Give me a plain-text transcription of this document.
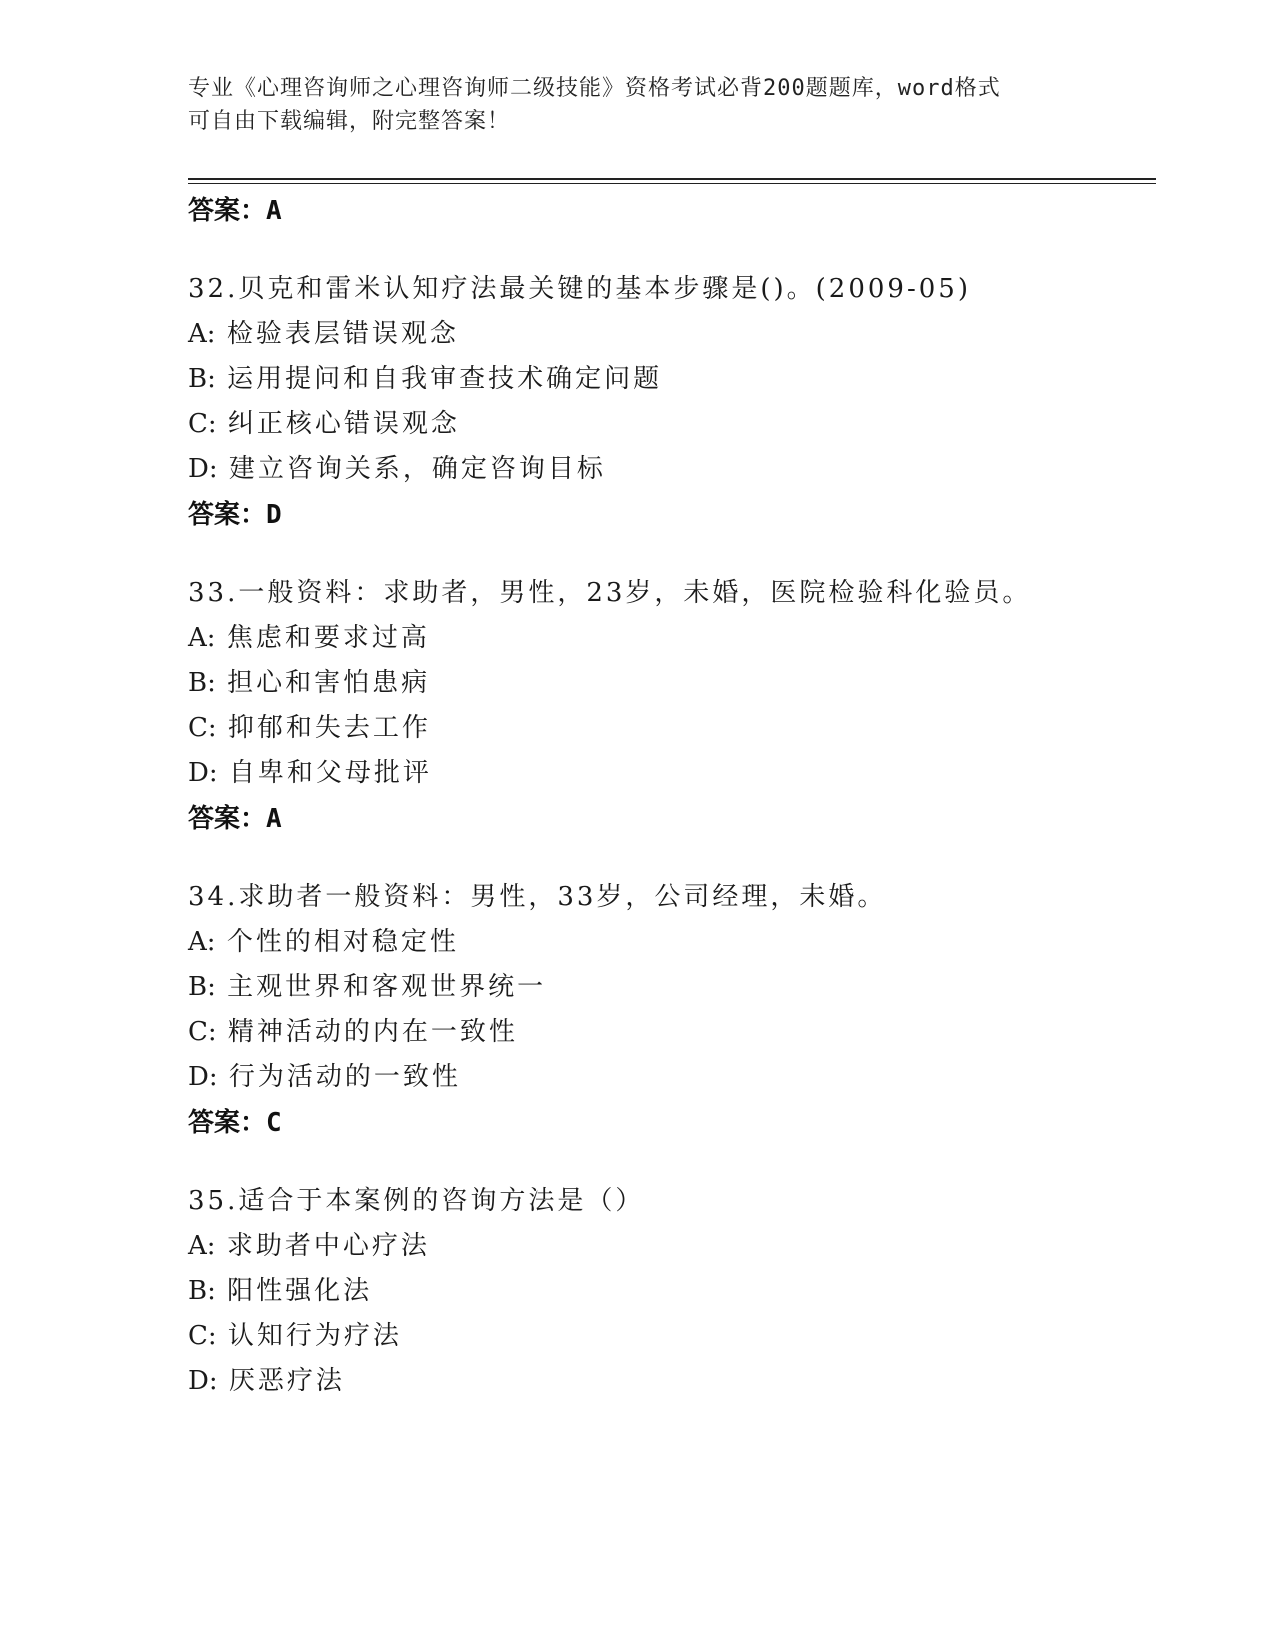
专业《心理咨询师之心理咨询师二级技能》资格考试必背200题题库，word格式
可自由下载编辑，附完整答案！
答案：A
32.贝克和雷米认知疗法最关键的基本步骤是()。(2009-05)
A: 检验表层错误观念
B: 运用提问和自我审查技术确定问题
C: 纠正核心错误观念
D: 建立咨询关系，确定咨询目标
答案：D
33.一般资料：求助者，男性，23岁，未婚，医院检验科化验员。
A: 焦虑和要求过高
B: 担心和害怕患病
C: 抑郁和失去工作
D: 自卑和父母批评
答案：A
34.求助者一般资料：男性，33岁，公司经理，未婚。
A: 个性的相对稳定性
B: 主观世界和客观世界统一
C: 精神活动的内在一致性
D: 行为活动的一致性
答案：C
35.适合于本案例的咨询方法是（）
A: 求助者中心疗法
B: 阳性强化法
C: 认知行为疗法
D: 厌恶疗法
